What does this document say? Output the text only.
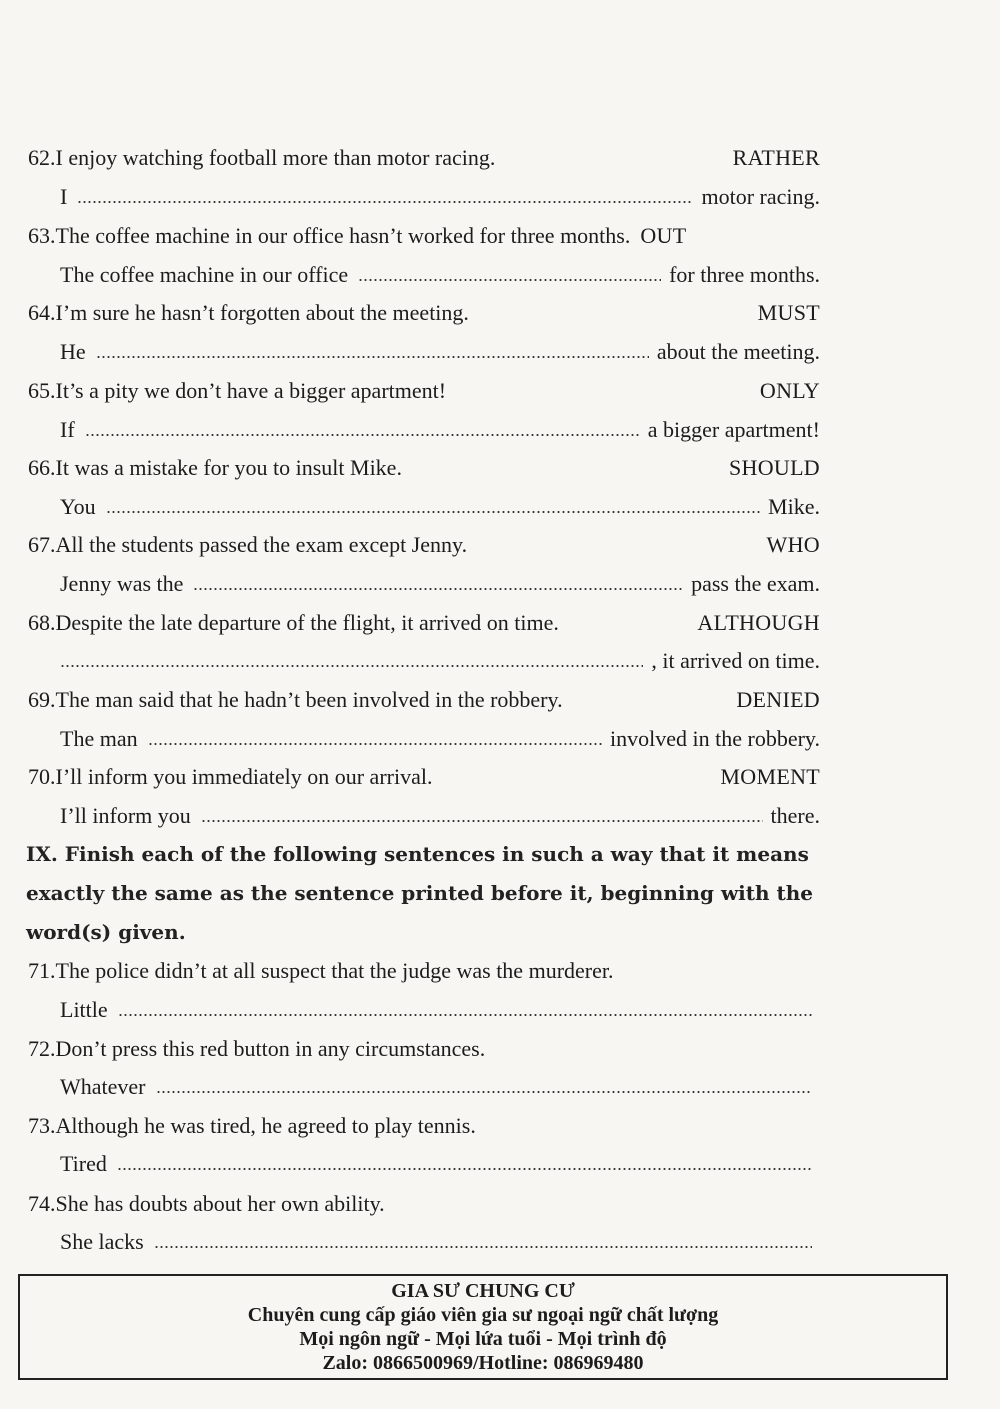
62. I enjoy watching football more than motor racing.	RATHER
I	motor racing.
63. The coffee machine in our office hasn’t worked for three months. OUT
The coffee machine in our office	for three months.
64. I’m sure he hasn’t forgotten about the meeting.	MUST
He	about the meeting.
65. It’s a pity we don’t have a bigger apartment!	ONLY
If	a bigger apartment!
66. It was a mistake for you to insult Mike.	SHOULD
You	Mike.
67. All the students passed the exam except Jenny.	WHO
Jenny was the	pass the exam.
68. Despite the late departure of the flight, it arrived on time.	ALTHOUGH
, it arrived on time.
69. The man said that he hadn’t been involved in the robbery.	DENIED
The man	involved in the robbery.
70. I’ll inform you immediately on our arrival.	MOMENT
I’ll inform you	there.
IX. Finish each of the following sentences in such a way that it means
exactly the same as the sentence printed before it, beginning with the
word(s) given.
71. The police didn’t at all suspect that the judge was the murderer.
Little
72. Don’t press this red button in any circumstances.
Whatever
73. Although he was tired, he agreed to play tennis.
Tired
74. She has doubts about her own ability.
She lacks
GIA SƯ CHUNG CƯ
Chuyên cung cấp giáo viên gia sư ngoại ngữ chất lượng
Mọi ngôn ngữ - Mọi lứa tuổi - Mọi trình độ
Zalo: 0866500969/Hotline: 086969480
